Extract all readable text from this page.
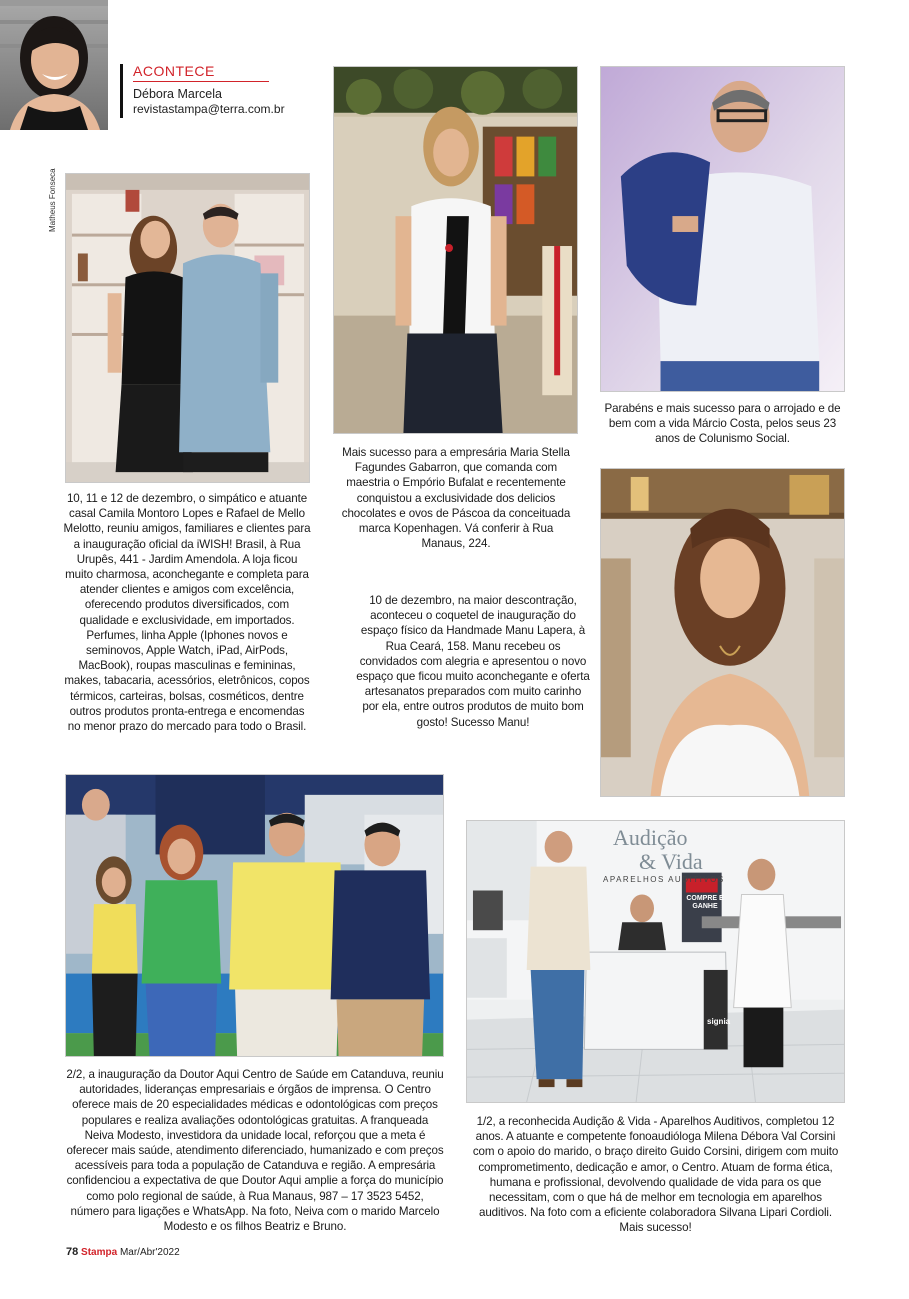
ACONTECE
Débora Marcela
revistastampa@terra.com.br
Matheus Fonseca
Parabéns e mais sucesso para o arrojado e de bem com a vida Márcio Costa, pelos seus 23 anos de Colunismo Social.
Mais sucesso para a empresária Maria Stella Fagundes Gabarron, que comanda com maestria o Empório Bufalat e recentemente conquistou a exclusividade dos delicios chocolates e ovos de Páscoa da conceituada marca Kopenhagen. Vá conferir à Rua Manaus, 224.
10, 11 e 12 de dezembro, o simpático e atuante casal Camila Montoro Lopes e Rafael de Mello Melotto, reuniu amigos, familiares e clientes para a inauguração oficial da iWISH! Brasil, à Rua Urupês, 441 - Jardim Amendola. A loja ficou muito charmosa, aconchegante e completa para atender clientes e amigos com excelência, oferecendo produtos diversificados, com qualidade e exclusividade, em importados. Perfumes, linha Apple (Iphones novos e seminovos, Apple Watch, iPad, AirPods, MacBook), roupas masculinas e femininas, makes, tabacaria, acessórios, eletrônicos, copos térmicos, carteiras, bolsas, cosméticos, dentre outros produtos pronta-entrega e encomendas no menor prazo do mercado para todo o Brasil.
10 de dezembro, na maior descontração, aconteceu o coquetel de inauguração do espaço físico da Handmade Manu Lapera, à Rua Ceará, 158. Manu recebeu os convidados com alegria e apresentou o novo espaço que ficou muito aconchegante e oferta artesanatos preparados com muito carinho por ela, entre outros produtos de muito bom gosto! Sucesso Manu!
Audição
& Vida
APARELHOS AUDITIVOS
COMPRE E GANHE
signia
2/2, a inauguração da Doutor Aqui Centro de Saúde em Catanduva, reuniu autoridades, lideranças empresariais e órgãos de imprensa. O Centro oferece mais de 20 especialidades médicas e odontológicas com preços populares e realiza avaliações odontológicas gratuitas. A franqueada Neiva Modesto, investidora da unidade local, reforçou que a meta é oferecer mais saúde, atendimento diferenciado, humanizado e com preços acessíveis para toda a população de Catanduva e região. A empresária confidenciou a expectativa de que Doutor Aqui amplie a força do município como polo regional de saúde, à Rua Manaus, 987 – 17 3523 5452, número para ligações e WhatsApp. Na foto, Neiva com o marido Marcelo Modesto e os filhos Beatriz e Bruno.
1/2, a reconhecida Audição & Vida - Aparelhos Auditivos, completou 12 anos. A atuante e competente fonoaudióloga Milena Débora Val Corsini com o apoio do marido, o braço direito Guido Corsini, dirigem com muito comprometimento, dedicação e amor, o Centro. Atuam de forma ética, humana e profissional, devolvendo qualidade de vida para os que necessitam, com o que há de melhor em tecnologia em aparelhos auditivos. Na foto com a eficiente colaboradora Silvana Lipari Cordioli. Mais sucesso!
78 Stampa Mar/Abr'2022
